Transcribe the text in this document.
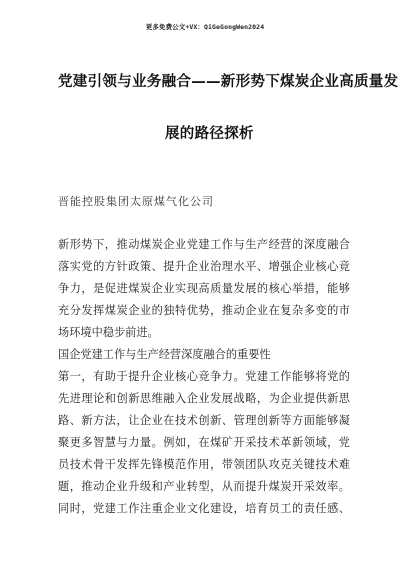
更多免费公文+VX：QiGeGongWen2024
党建引领与业务融合——新形势下煤炭企业高质量发
展的路径探析
晋能控股集团太原煤气化公司
新形势下，推动煤炭企业党建工作与生产经营的深度融合
落实党的方针政策、提升企业治理水平、增强企业核心竞
争力，是促进煤炭企业实现高质量发展的核心举措，能够
充分发挥煤炭企业的独特优势，推动企业在复杂多变的市
场环境中稳步前进。
国企党建工作与生产经营深度融合的重要性
第一，有助于提升企业核心竞争力。党建工作能够将党的
先进理论和创新思维融入企业发展战略，为企业提供新思
路、新方法，让企业在技术创新、管理创新等方面能够凝
聚更多智慧与力量。例如，在煤矿开采技术革新领域，党
员技术骨干发挥先锋模范作用，带领团队攻克关键技术难
题，推动企业升级和产业转型，从而提升煤炭开采效率。
同时，党建工作注重企业文化建设，培育员工的责任感、
